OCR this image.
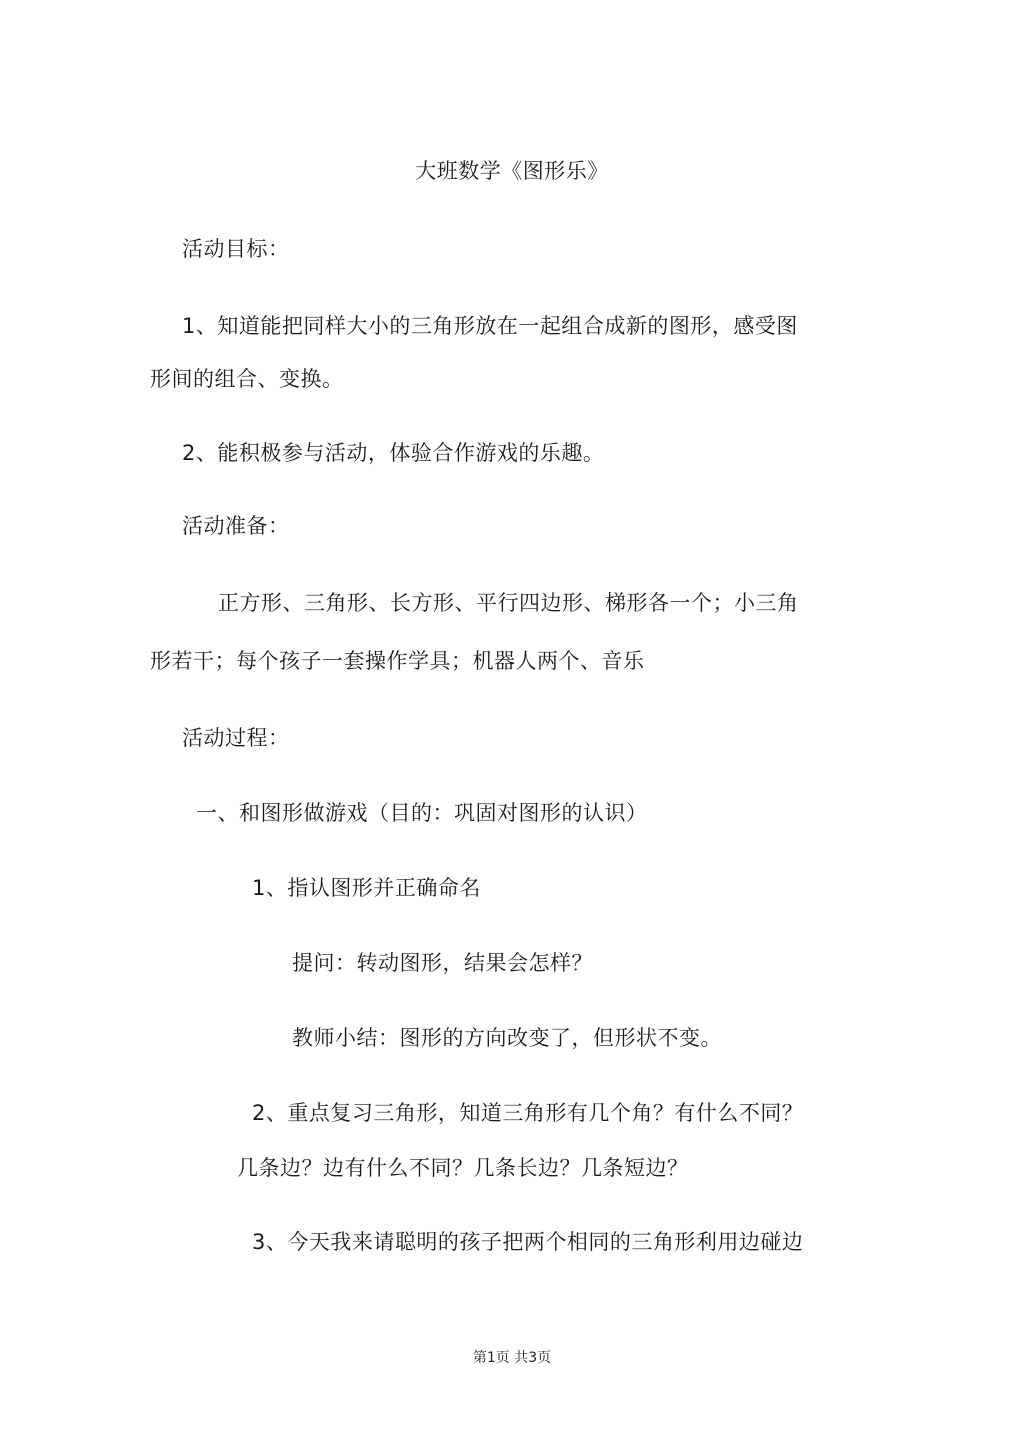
大班数学《图形乐》
活动目标：
1、知道能把同样大小的三角形放在一起组合成新的图形，感受图
形间的组合、变换。
2、能积极参与活动，体验合作游戏的乐趣。
活动准备：
正方形、三角形、长方形、平行四边形、梯形各一个；小三角
形若干；每个孩子一套操作学具；机器人两个、音乐
活动过程：
一、和图形做游戏（目的：巩固对图形的认识）
1、指认图形并正确命名
提问：转动图形，结果会怎样？
教师小结：图形的方向改变了，但形状不变。
2、重点复习三角形，知道三角形有几个角？有什么不同？
几条边？边有什么不同？几条长边？几条短边？
3、今天我来请聪明的孩子把两个相同的三角形利用边碰边
第1页 共3页
